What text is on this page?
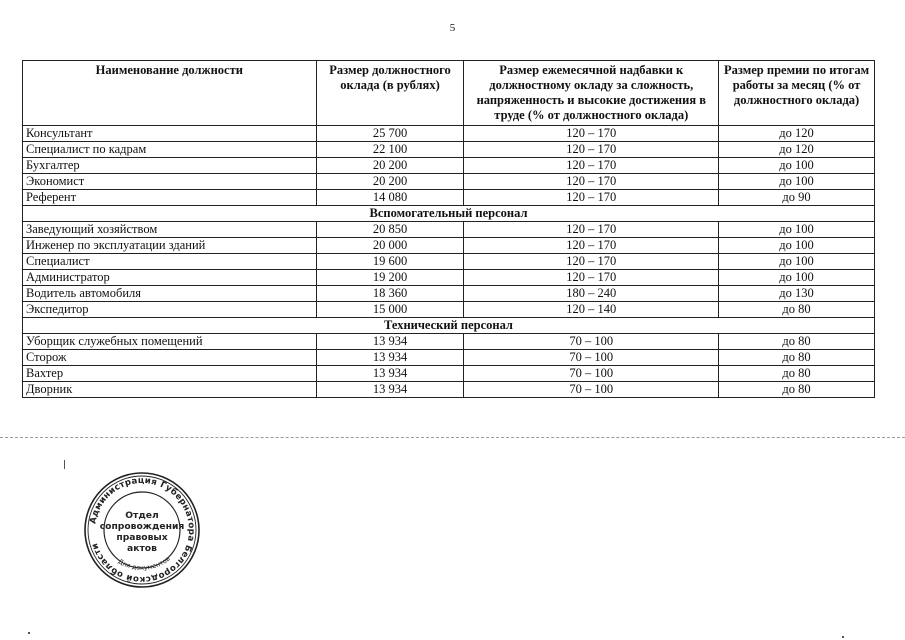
5
Наименование должности	Размер должностного оклада (в рублях)	Размер ежемесячной надбавки к должностному окладу за сложность, напряженность и высокие достижения в труде (% от должностного оклада)	Размер премии по итогам работы за месяц (% от должностного оклада)
Консультант	25 700	120 – 170	до 120
Специалист по кадрам	22 100	120 – 170	до 120
Бухгалтер	20 200	120 – 170	до 100
Экономист	20 200	120 – 170	до 100
Референт	14 080	120 – 170	до 90
Вспомогательный персонал			
Заведующий хозяйством	20 850	120 – 170	до 100
Инженер по эксплуатации зданий	20 000	120 – 170	до 100
Специалист	19 600	120 – 170	до 100
Администратор	19 200	120 – 170	до 100
Водитель автомобиля	18 360	180 – 240	до 130
Экспедитор	15 000	120 – 140	до 80
Технический персонал			
Уборщик служебных помещений	13 934	70 – 100	до 80
Сторож	13 934	70 – 100	до 80
Вахтер	13 934	70 – 100	до 80
Дворник	13 934	70 – 100	до 80
Администрация Губернатора Белгородской области
Для документов
Отдел
сопровождения
правовых
актов
